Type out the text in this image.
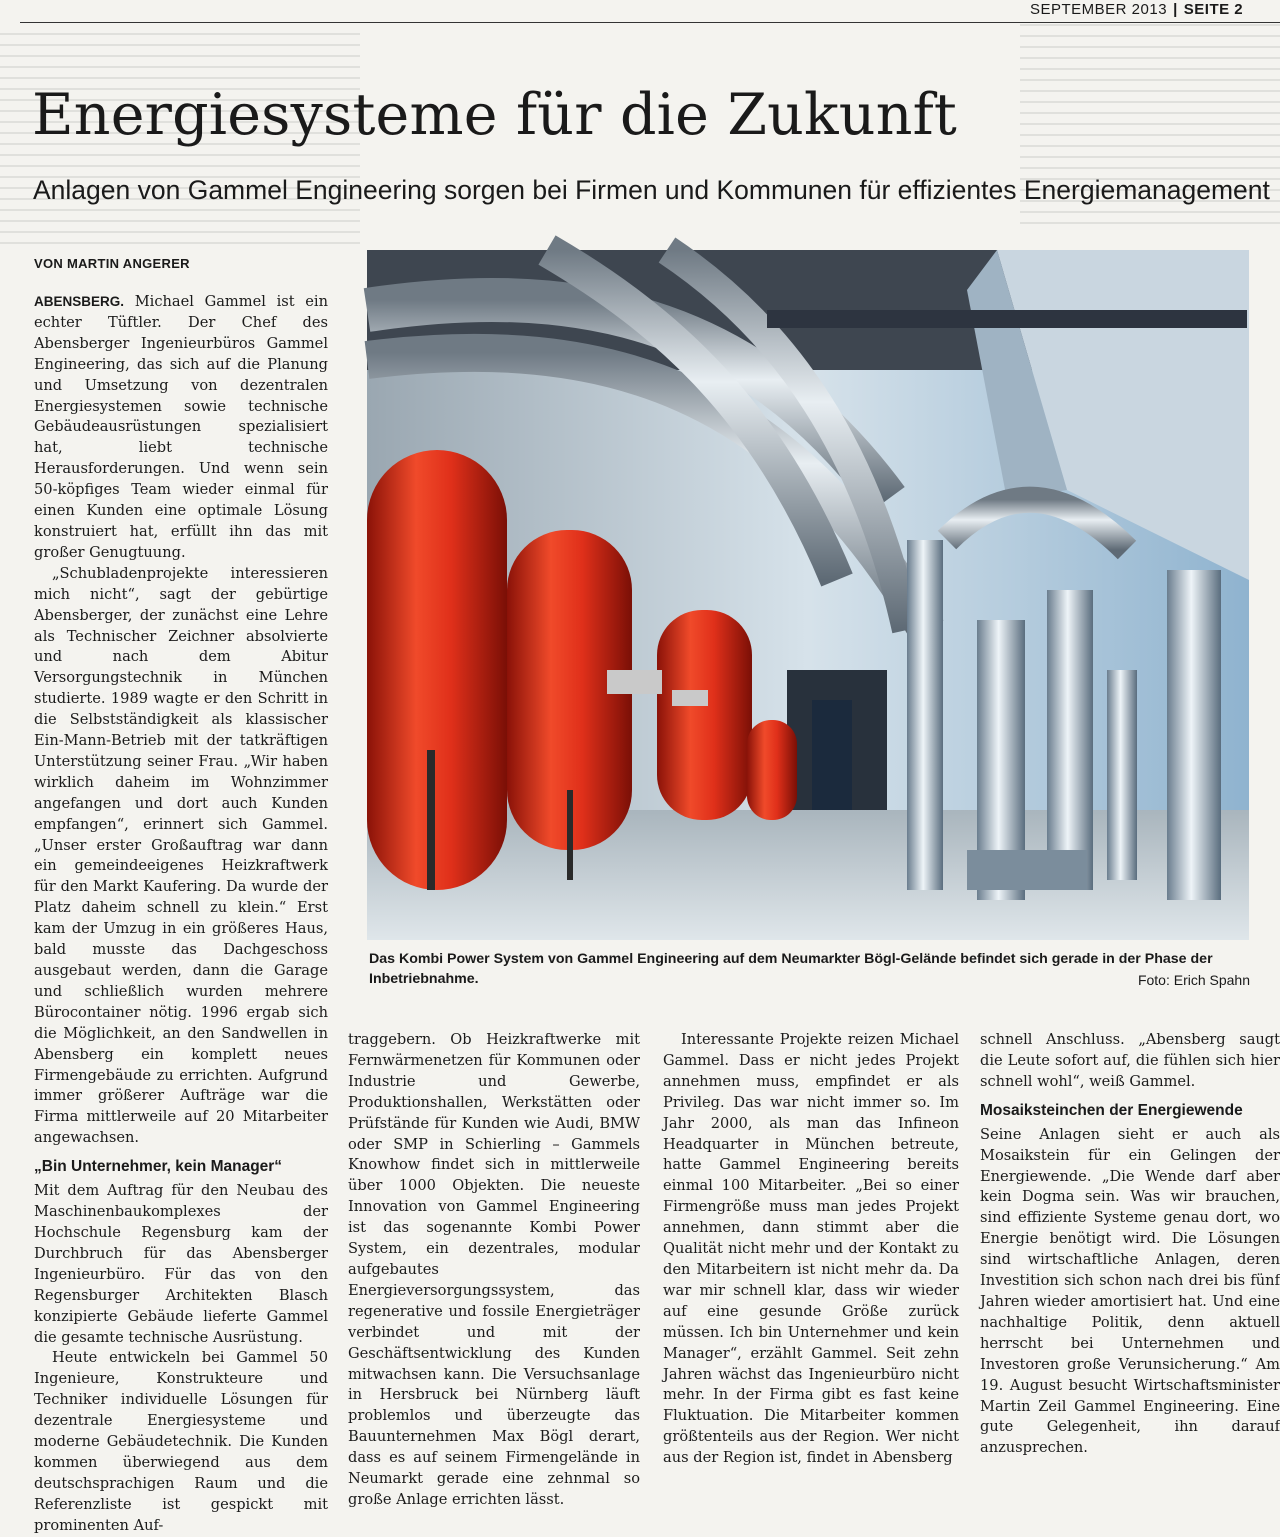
SEPTEMBER 2013 | SEITE 2
Energiesysteme für die Zukunft
Anlagen von Gammel Engineering sorgen bei Firmen und Kommunen für effizientes Energiemanagement
VON MARTIN ANGERER

ABENSBERG. Michael Gammel ist ein echter Tüftler. Der Chef des Abensberger Ingenieurbüros Gammel Engineering, das sich auf die Planung und Umsetzung von dezentralen Energiesystemen sowie technische Gebäudeausrüstungen spezialisiert hat, liebt technische Herausforderungen. Und wenn sein 50-köpfiges Team wieder einmal für einen Kunden eine optimale Lösung konstruiert hat, erfüllt ihn das mit großer Genugtuung.

„Schubladenprojekte interessieren mich nicht“, sagt der gebürtige Abensberger, der zunächst eine Lehre als Technischer Zeichner absolvierte und nach dem Abitur Versorgungstechnik in München studierte. 1989 wagte er den Schritt in die Selbstständigkeit als klassischer Ein-Mann-Betrieb mit der tatkräftigen Unterstützung seiner Frau. „Wir haben wirklich daheim im Wohnzimmer angefangen und dort auch Kunden empfangen“, erinnert sich Gammel. „Unser erster Großauftrag war dann ein gemeindeeigenes Heizkraftwerk für den Markt Kaufering. Da wurde der Platz daheim schnell zu klein.“ Erst kam der Umzug in ein größeres Haus, bald musste das Dachgeschoss ausgebaut werden, dann die Garage und schließlich wurden mehrere Bürocontainer nötig. 1996 ergab sich die Möglichkeit, an den Sandwellen in Abensberg ein komplett neues Firmengebäude zu errichten. Aufgrund immer größerer Aufträge war die Firma mittlerweile auf 20 Mitarbeiter angewachsen.

„Bin Unternehmer, kein Manager“

Mit dem Auftrag für den Neubau des Maschinenbaukomplexes der Hochschule Regensburg kam der Durchbruch für das Abensberger Ingenieurbüro. Für das von den Regensburger Architekten Blasch konzipierte Gebäude lieferte Gammel die gesamte technische Ausrüstung.

Heute entwickeln bei Gammel 50 Ingenieure, Konstrukteure und Techniker individuelle Lösungen für dezentrale Energiesysteme und moderne Gebäudetechnik. Die Kunden kommen überwiegend aus dem deutschsprachigen Raum und die Referenzliste ist gespickt mit prominenten Auf-

Das Kombi Power System von Gammel Engineering auf dem Neumarkter Bögl-Gelände befindet sich gerade in der Phase der Inbetriebnahme.	Foto: Erich Spahn

traggebern. Ob Heizkraftwerke mit Fernwärmenetzen für Kommunen oder Industrie und Gewerbe, Produktionshallen, Werkstätten oder Prüfstände für Kunden wie Audi, BMW oder SMP in Schierling – Gammels Knowhow findet sich in mittlerweile über 1000 Objekten. Die neueste Innovation von Gammel Engineering ist das sogenannte Kombi Power System, ein dezentrales, modular aufgebautes Energieversorgungssystem, das regenerative und fossile Energieträger verbindet und mit der Geschäftsentwicklung des Kunden mitwachsen kann. Die Versuchsanlage in Hersbruck bei Nürnberg läuft problemlos und überzeugte das Bauunternehmen Max Bögl derart, dass es auf seinem Firmengelände in Neumarkt gerade eine zehnmal so große Anlage errichten lässt.

Interessante Projekte reizen Michael Gammel. Dass er nicht jedes Projekt annehmen muss, empfindet er als Privileg. Das war nicht immer so. Im Jahr 2000, als man das Infineon Headquarter in München betreute, hatte Gammel Engineering bereits einmal 100 Mitarbeiter. „Bei so einer Firmengröße muss man jedes Projekt annehmen, dann stimmt aber die Qualität nicht mehr und der Kontakt zu den Mitarbeitern ist nicht mehr da. Da war mir schnell klar, dass wir wieder auf eine gesunde Größe zurück müssen. Ich bin Unternehmer und kein Manager“, erzählt Gammel. Seit zehn Jahren wächst das Ingenieurbüro nicht mehr. In der Firma gibt es fast keine Fluktuation. Die Mitarbeiter kommen größtenteils aus der Region. Wer nicht aus der Region ist, findet in Abensberg

schnell Anschluss. „Abensberg saugt die Leute sofort auf, die fühlen sich hier schnell wohl“, weiß Gammel.

Mosaiksteinchen der Energiewende

Seine Anlagen sieht er auch als Mosaikstein für ein Gelingen der Energiewende. „Die Wende darf aber kein Dogma sein. Was wir brauchen, sind effiziente Systeme genau dort, wo Energie benötigt wird. Die Lösungen sind wirtschaftliche Anlagen, deren Investition sich schon nach drei bis fünf Jahren wieder amortisiert hat. Und eine nachhaltige Politik, denn aktuell herrscht bei Unternehmen und Investoren große Verunsicherung.“ Am 19. August besucht Wirtschaftsminister Martin Zeil Gammel Engineering. Eine gute Gelegenheit, ihn darauf anzusprechen.
